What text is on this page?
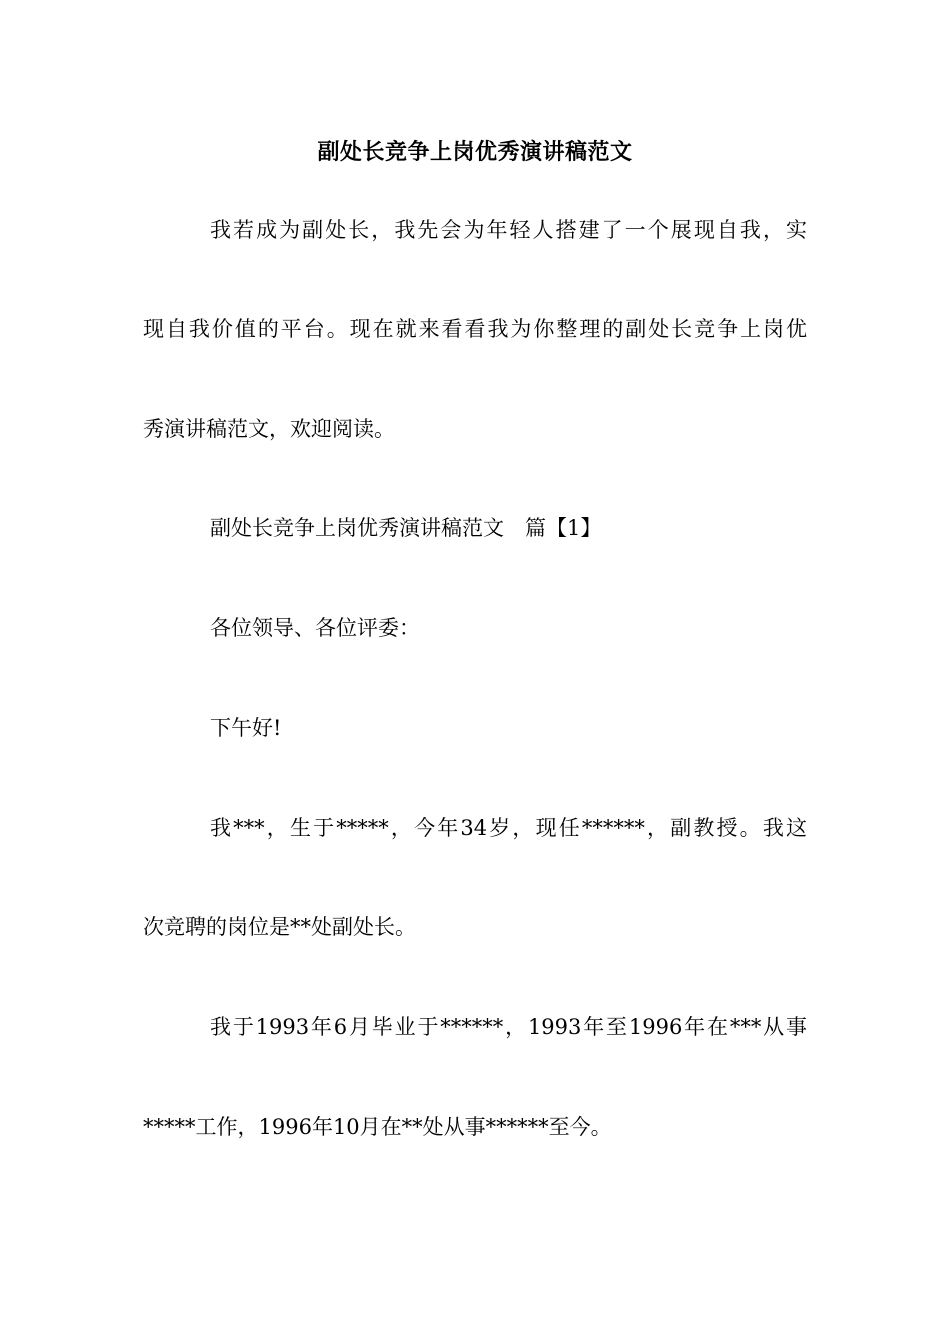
副处长竞争上岗优秀演讲稿范文
我若成为副处长，我先会为年轻人搭建了一个展现自我，实
现自我价值的平台。现在就来看看我为你整理的副处长竞争上岗优
秀演讲稿范文，欢迎阅读。
副处长竞争上岗优秀演讲稿范文　篇【1】
各位领导、各位评委：
下午好!
我***，生于*****，今年34岁，现任******，副教授。我这
次竞聘的岗位是**处副处长。
我于1993年6月毕业于******，1993年至1996年在***从事
*****工作，1996年10月在**处从事******至今。
